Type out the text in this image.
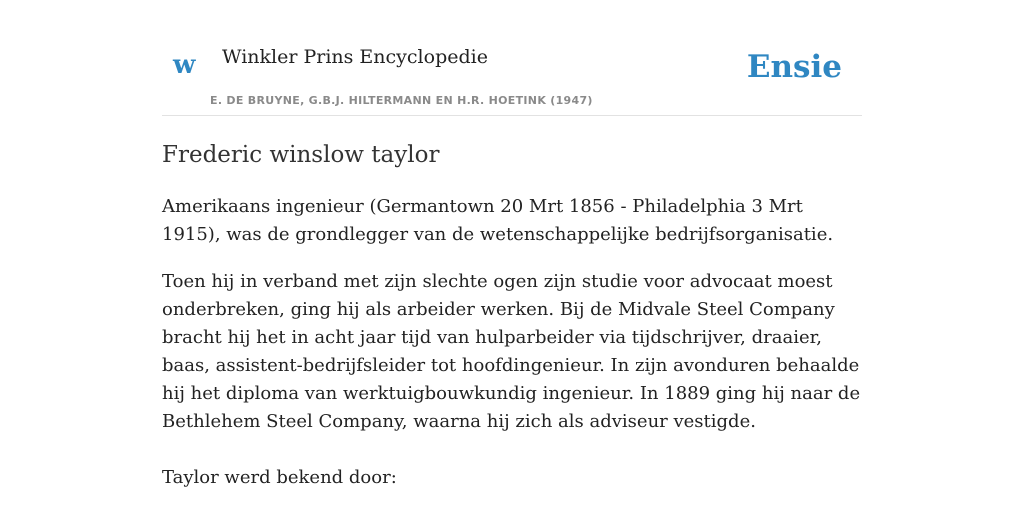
w Winkler Prins Encyclopedie
E. DE BRUYNE, G.B.J. HILTERMANN EN H.R. HOETINK (1947)
Ensie
Frederic winslow taylor

Amerikaans ingenieur (Germantown 20 Mrt 1856 - Philadelphia 3 Mrt 1915), was de grondlegger van de wetenschappelijke bedrijfsorganisatie.

Toen hij in verband met zijn slechte ogen zijn studie voor advocaat moest onderbreken, ging hij als arbeider werken. Bij de Midvale Steel Company bracht hij het in acht jaar tijd van hulparbeider via tijdschrijver, draaier, baas, assistent-bedrijfsleider tot hoofdingenieur. In zijn avonduren behaalde hij het diploma van werktuigbouwkundig ingenieur. In 1889 ging hij naar de Bethlehem Steel Company, waarna hij zich als adviseur vestigde.

Taylor werd bekend door:
